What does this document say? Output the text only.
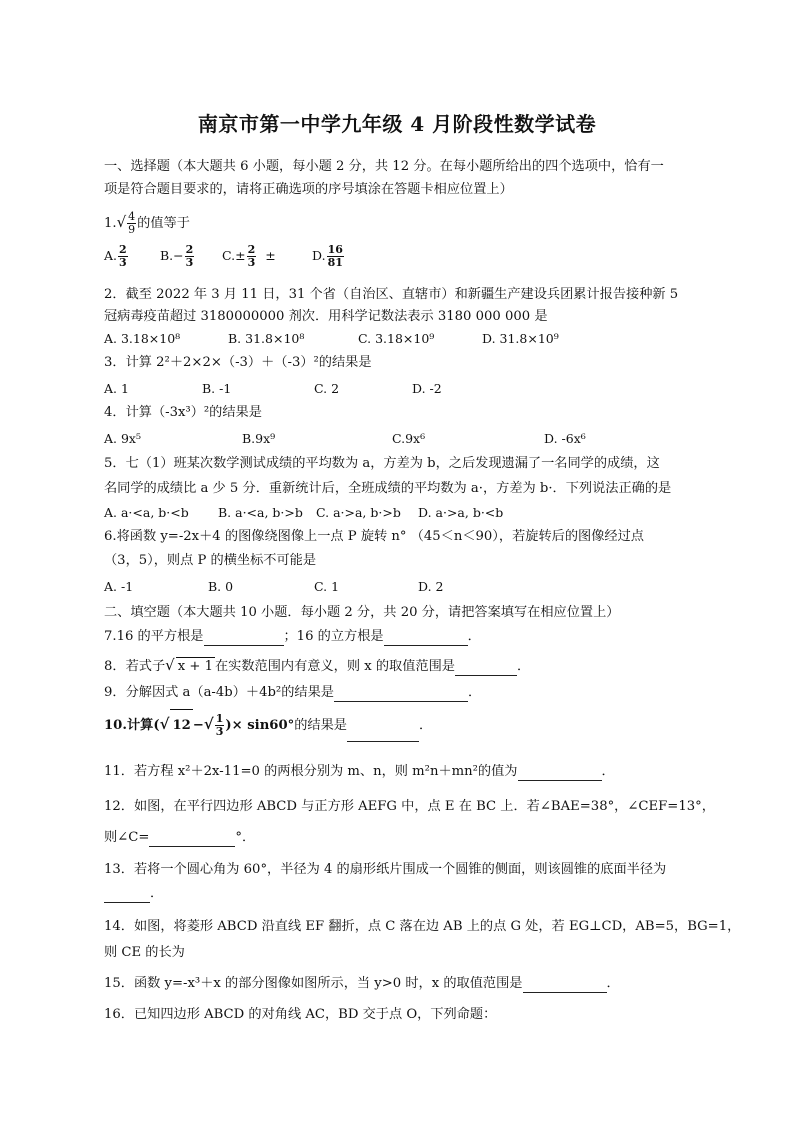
南京市第一中学九年级 4 月阶段性数学试卷
一、选择题（本大题共 6 小题，每小题 2 分，共 12 分。在每小题所给出的四个选项中，恰有一
项是符合题目要求的，请将正确选项的序号填涂在答题卡相应位置上）
$1.√ \frac{4}{9}$ 的值等于
A. $\frac{2}{3}$	$B.- \frac{2}{3} C.\pm \frac{2}{3}$ ±	D. $\frac{16}{81}$
2．截至 2022 年 3 月 11 日，31 个省（自治区、直辖市）和新疆生产建设兵团累计报告接种新 5
冠病毒疫苗超过 3180000000 剂次．用科学记数法表示 3180 000 000 是
A. 3.18×10⁸	B. 31.8×10⁸	C. 3.18×10⁹	D. 31.8×10⁹
3．计算 2²＋2×2×（-3）＋（-3）²的结果是
A. 1	B. -1	C. 2	D. -2
4．计算（-3x³）²的结果是
A. 9x⁵	B.9x⁹	C.9x⁶	D. -6x⁶
5．七（1）班某次数学测试成绩的平均数为 a，方差为 b，之后发现遗漏了一名同学的成绩，这
名同学的成绩比 a 少 5 分．重新统计后，全班成绩的平均数为 a·，方差为 b·．下列说法正确的是
A. a·<a, b·<b B. a·<a, b·>b C. a·>a, b·>b D. a·>a, b·<b
6.将函数 y=-2x＋4 的图像绕图像上一点 P 旋转 n° （45＜n＜90），若旋转后的图像经过点
（3，5），则点 P 的横坐标不可能是
A. -1	B. 0	C. 1	D. 2
二、填空题（本大题共 10 小题．每小题 2 分，共 20 分，请把答案填写在相应位置上）
7.16 的平方根是	；16 的立方根是	．
8．若式子√ x + 1 在实数范围内有意义，则 x 的取值范围是	．
9．分解因式 a（a-4b）＋4b²的结果是	．
10.计算(√ 12 −√ $\frac{1}{3}$ )× sin60°的结果是	．
11．若方程 x²＋2x-11=0 的两根分别为 m、n，则 m²n＋mn²的值为	．
12．如图，在平行四边形 ABCD 与正方形 AEFG 中，点 E 在 BC 上．若∠BAE=38°，∠CEF=13°，
则∠C=	°．
13．若将一个圆心角为 60°，半径为 4 的扇形纸片围成一个圆锥的侧面，则该圆锥的底面半径为
．
14．如图，将菱形 ABCD 沿直线 EF 翻折，点 C 落在边 AB 上的点 G 处，若 EG⊥CD，AB=5，BG=1，
则 CE 的长为
15．函数 y=-x³＋x 的部分图像如图所示，当 y>0 时，x 的取值范围是	．
16．已知四边形 ABCD 的对角线 AC，BD 交于点 O，下列命题：
